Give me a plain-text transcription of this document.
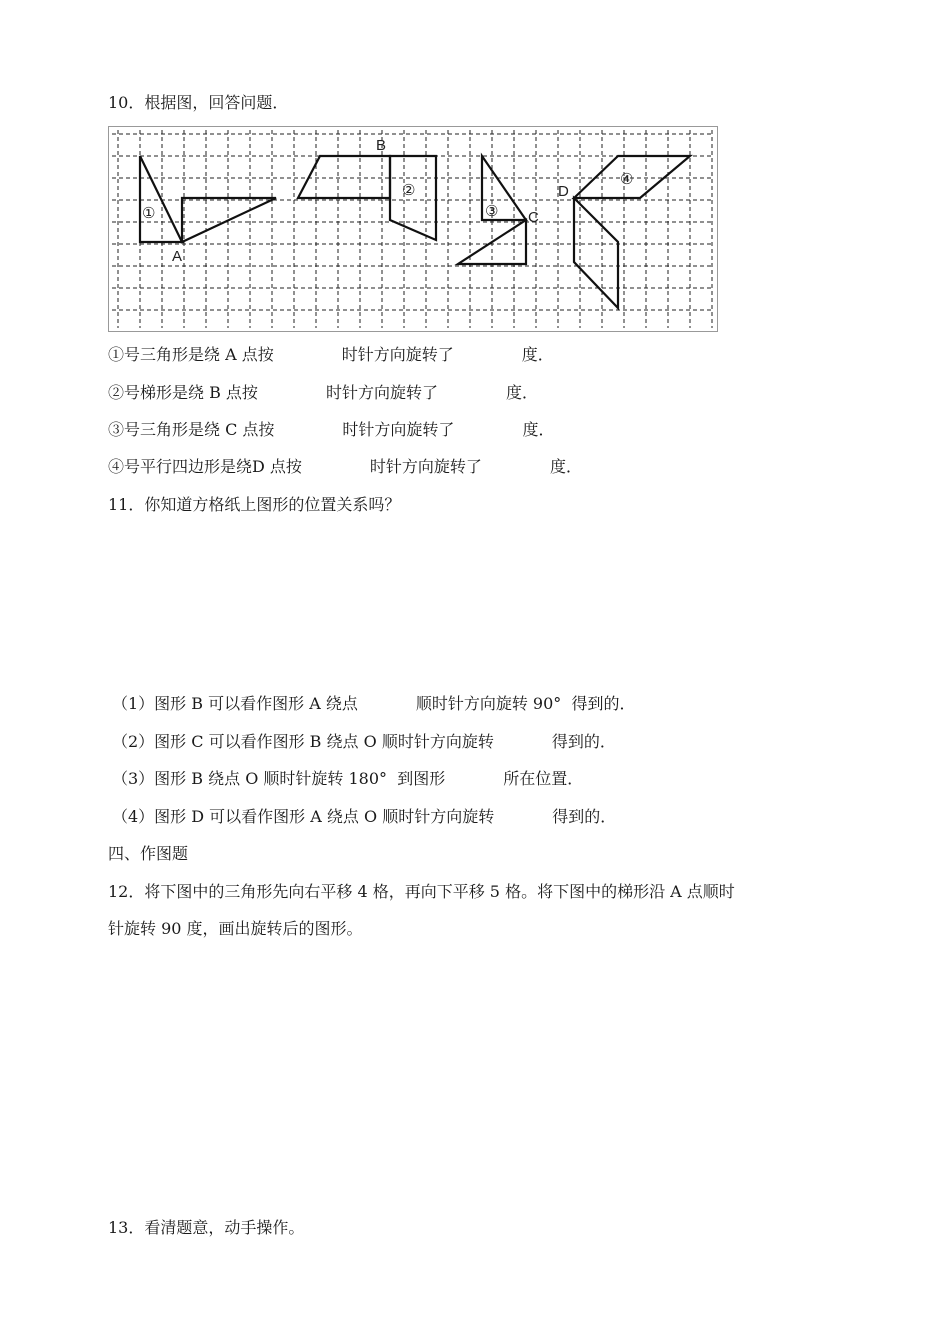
10．根据图，回答问题．
①
A
B
②
③ C
D
④
①号三角形是绕 A 点按	时针方向旋转了	度．
②号梯形是绕 B 点按	时针方向旋转了	度．
③号三角形是绕 C 点按	时针方向旋转了	度．
④号平行四边形是绕D 点按	时针方向旋转了	度．
11．你知道方格纸上图形的位置关系吗？
（1）图形 B 可以看作图形 A 绕点	顺时针方向旋转 90°  得到的．
（2）图形 C 可以看作图形 B 绕点 O 顺时针方向旋转	得到的．
（3）图形 B 绕点 O 顺时针旋转 180°  到图形	所在位置．
（4）图形 D 可以看作图形 A 绕点 O 顺时针方向旋转	得到的．
四、作图题
12．将下图中的三角形先向右平移 4 格，再向下平移 5 格。将下图中的梯形沿 A 点顺时
针旋转 90 度，画出旋转后的图形。
13．看清题意，动手操作。
